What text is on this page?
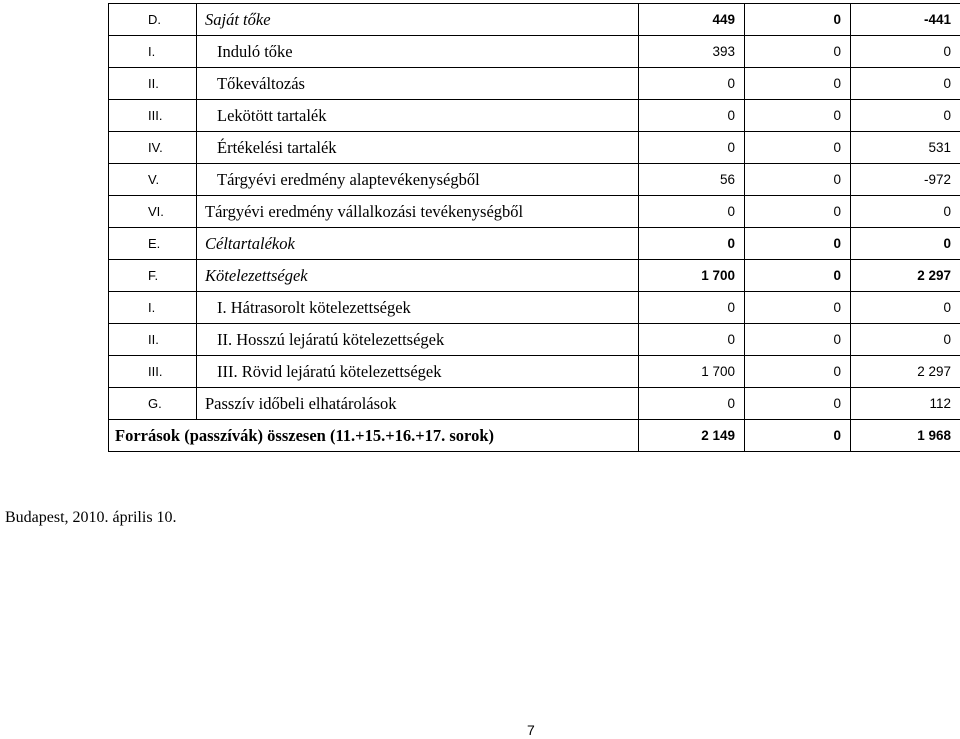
D.	Saját tőke	449	0	-441
I.	Induló tőke	393	0	0
II.	Tőkeváltozás	0	0	0
III.	Lekötött tartalék	0	0	0
IV.	Értékelési tartalék	0	0	531
V.	Tárgyévi eredmény alaptevékenységből	56	0	-972
VI.	Tárgyévi eredmény vállalkozási tevékenységből	0	0	0
E.	Céltartalékok	0	0	0
F.	Kötelezettségek	1 700	0	2 297
I.	I. Hátrasorolt kötelezettségek	0	0	0
II.	II. Hosszú lejáratú kötelezettségek	0	0	0
III.	III. Rövid lejáratú kötelezettségek	1 700	0	2 297
G.	Passzív időbeli elhatárolások	0	0	112
Források (passzívák) összesen (11.+15.+16.+17. sorok)		2 149	0	1 968
Budapest, 2010. április 10.
7
